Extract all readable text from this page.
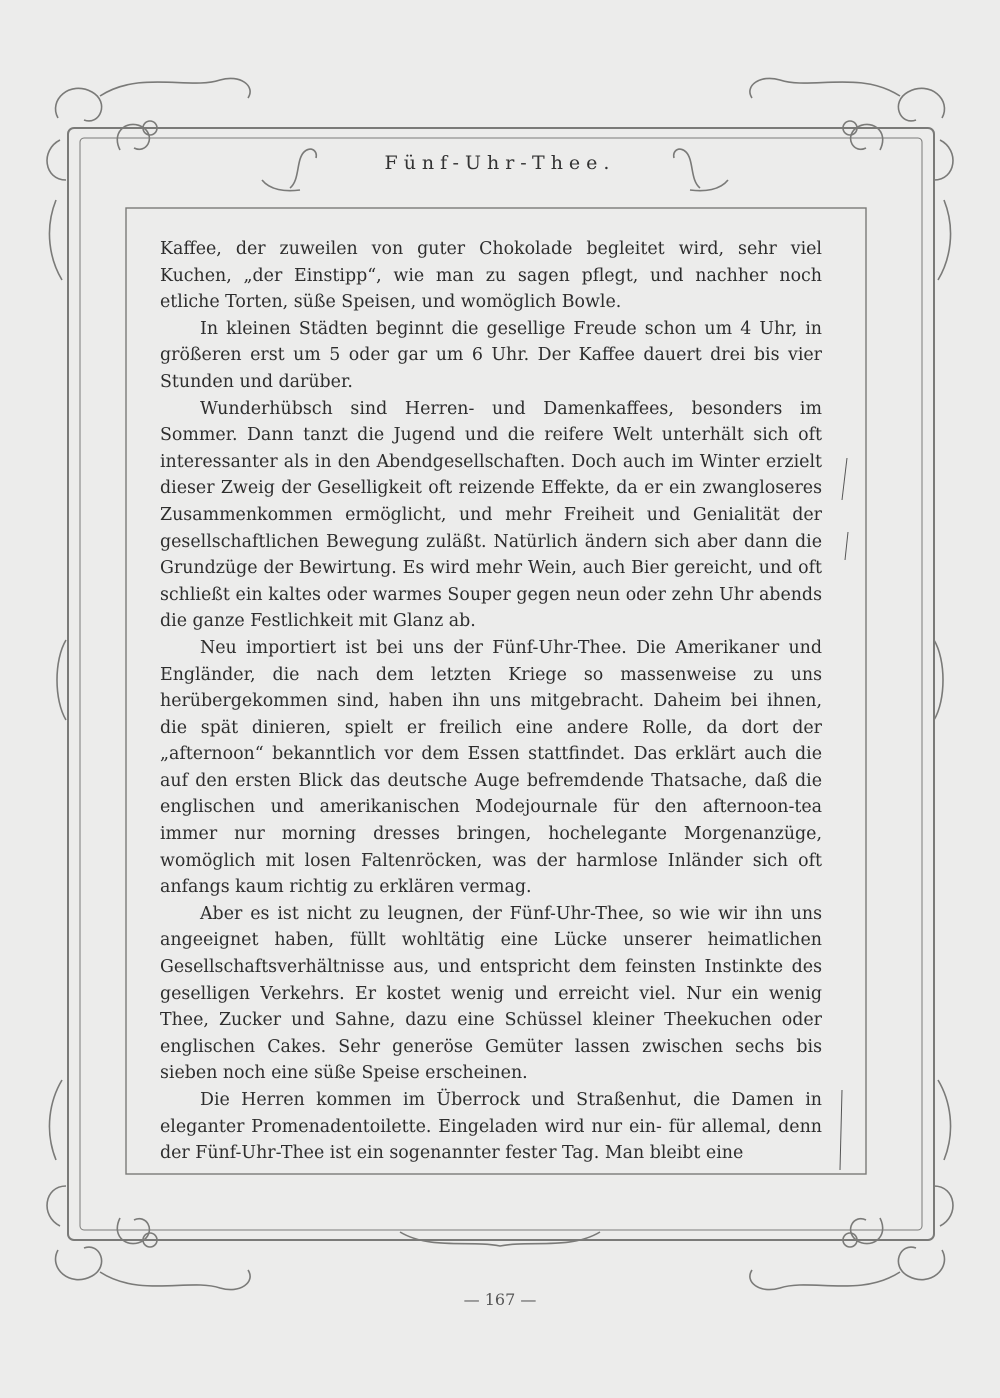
Fünf-Uhr-Thee.

Kaffee, der zuweilen von guter Chokolade begleitet wird, sehr viel Kuchen, „der Einstipp“, wie man zu sagen pflegt, und nachher noch etliche Torten, süße Speisen, und womöglich Bowle.

In kleinen Städten beginnt die gesellige Freude schon um 4 Uhr, in größeren erst um 5 oder gar um 6 Uhr. Der Kaffee dauert drei bis vier Stunden und darüber.

Wunderhübsch sind Herren- und Damenkaffees, besonders im Sommer. Dann tanzt die Jugend und die reifere Welt unterhält sich oft interessanter als in den Abendgesellschaften. Doch auch im Winter erzielt dieser Zweig der Geselligkeit oft reizende Effekte, da er ein zwangloseres Zusammenkommen ermöglicht, und mehr Freiheit und Genialität der gesellschaftlichen Bewegung zuläßt. Natürlich ändern sich aber dann die Grundzüge der Bewirtung. Es wird mehr Wein, auch Bier gereicht, und oft schließt ein kaltes oder warmes Souper gegen neun oder zehn Uhr abends die ganze Festlichkeit mit Glanz ab.

Neu importiert ist bei uns der Fünf-Uhr-Thee. Die Amerikaner und Engländer, die nach dem letzten Kriege so massenweise zu uns herübergekommen sind, haben ihn uns mitgebracht. Daheim bei ihnen, die spät dinieren, spielt er freilich eine andere Rolle, da dort der „afternoon“ bekanntlich vor dem Essen stattfindet. Das erklärt auch die auf den ersten Blick das deutsche Auge befremdende Thatsache, daß die englischen und amerikanischen Modejournale für den afternoon-tea immer nur morning dresses bringen, hochelegante Morgenanzüge, womöglich mit losen Faltenröcken, was der harmlose Inländer sich oft anfangs kaum richtig zu erklären vermag.

Aber es ist nicht zu leugnen, der Fünf-Uhr-Thee, so wie wir ihn uns angeeignet haben, füllt wohltätig eine Lücke unserer heimatlichen Gesellschaftsverhältnisse aus, und entspricht dem feinsten Instinkte des geselligen Verkehrs. Er kostet wenig und erreicht viel. Nur ein wenig Thee, Zucker und Sahne, dazu eine Schüssel kleiner Theekuchen oder englischen Cakes. Sehr generöse Gemüter lassen zwischen sechs bis sieben noch eine süße Speise erscheinen.

Die Herren kommen im Überrock und Straßenhut, die Damen in eleganter Promenadentoilette. Eingeladen wird nur ein- für allemal, denn der Fünf-Uhr-Thee ist ein sogenannter fester Tag. Man bleibt eine

— 167 —
